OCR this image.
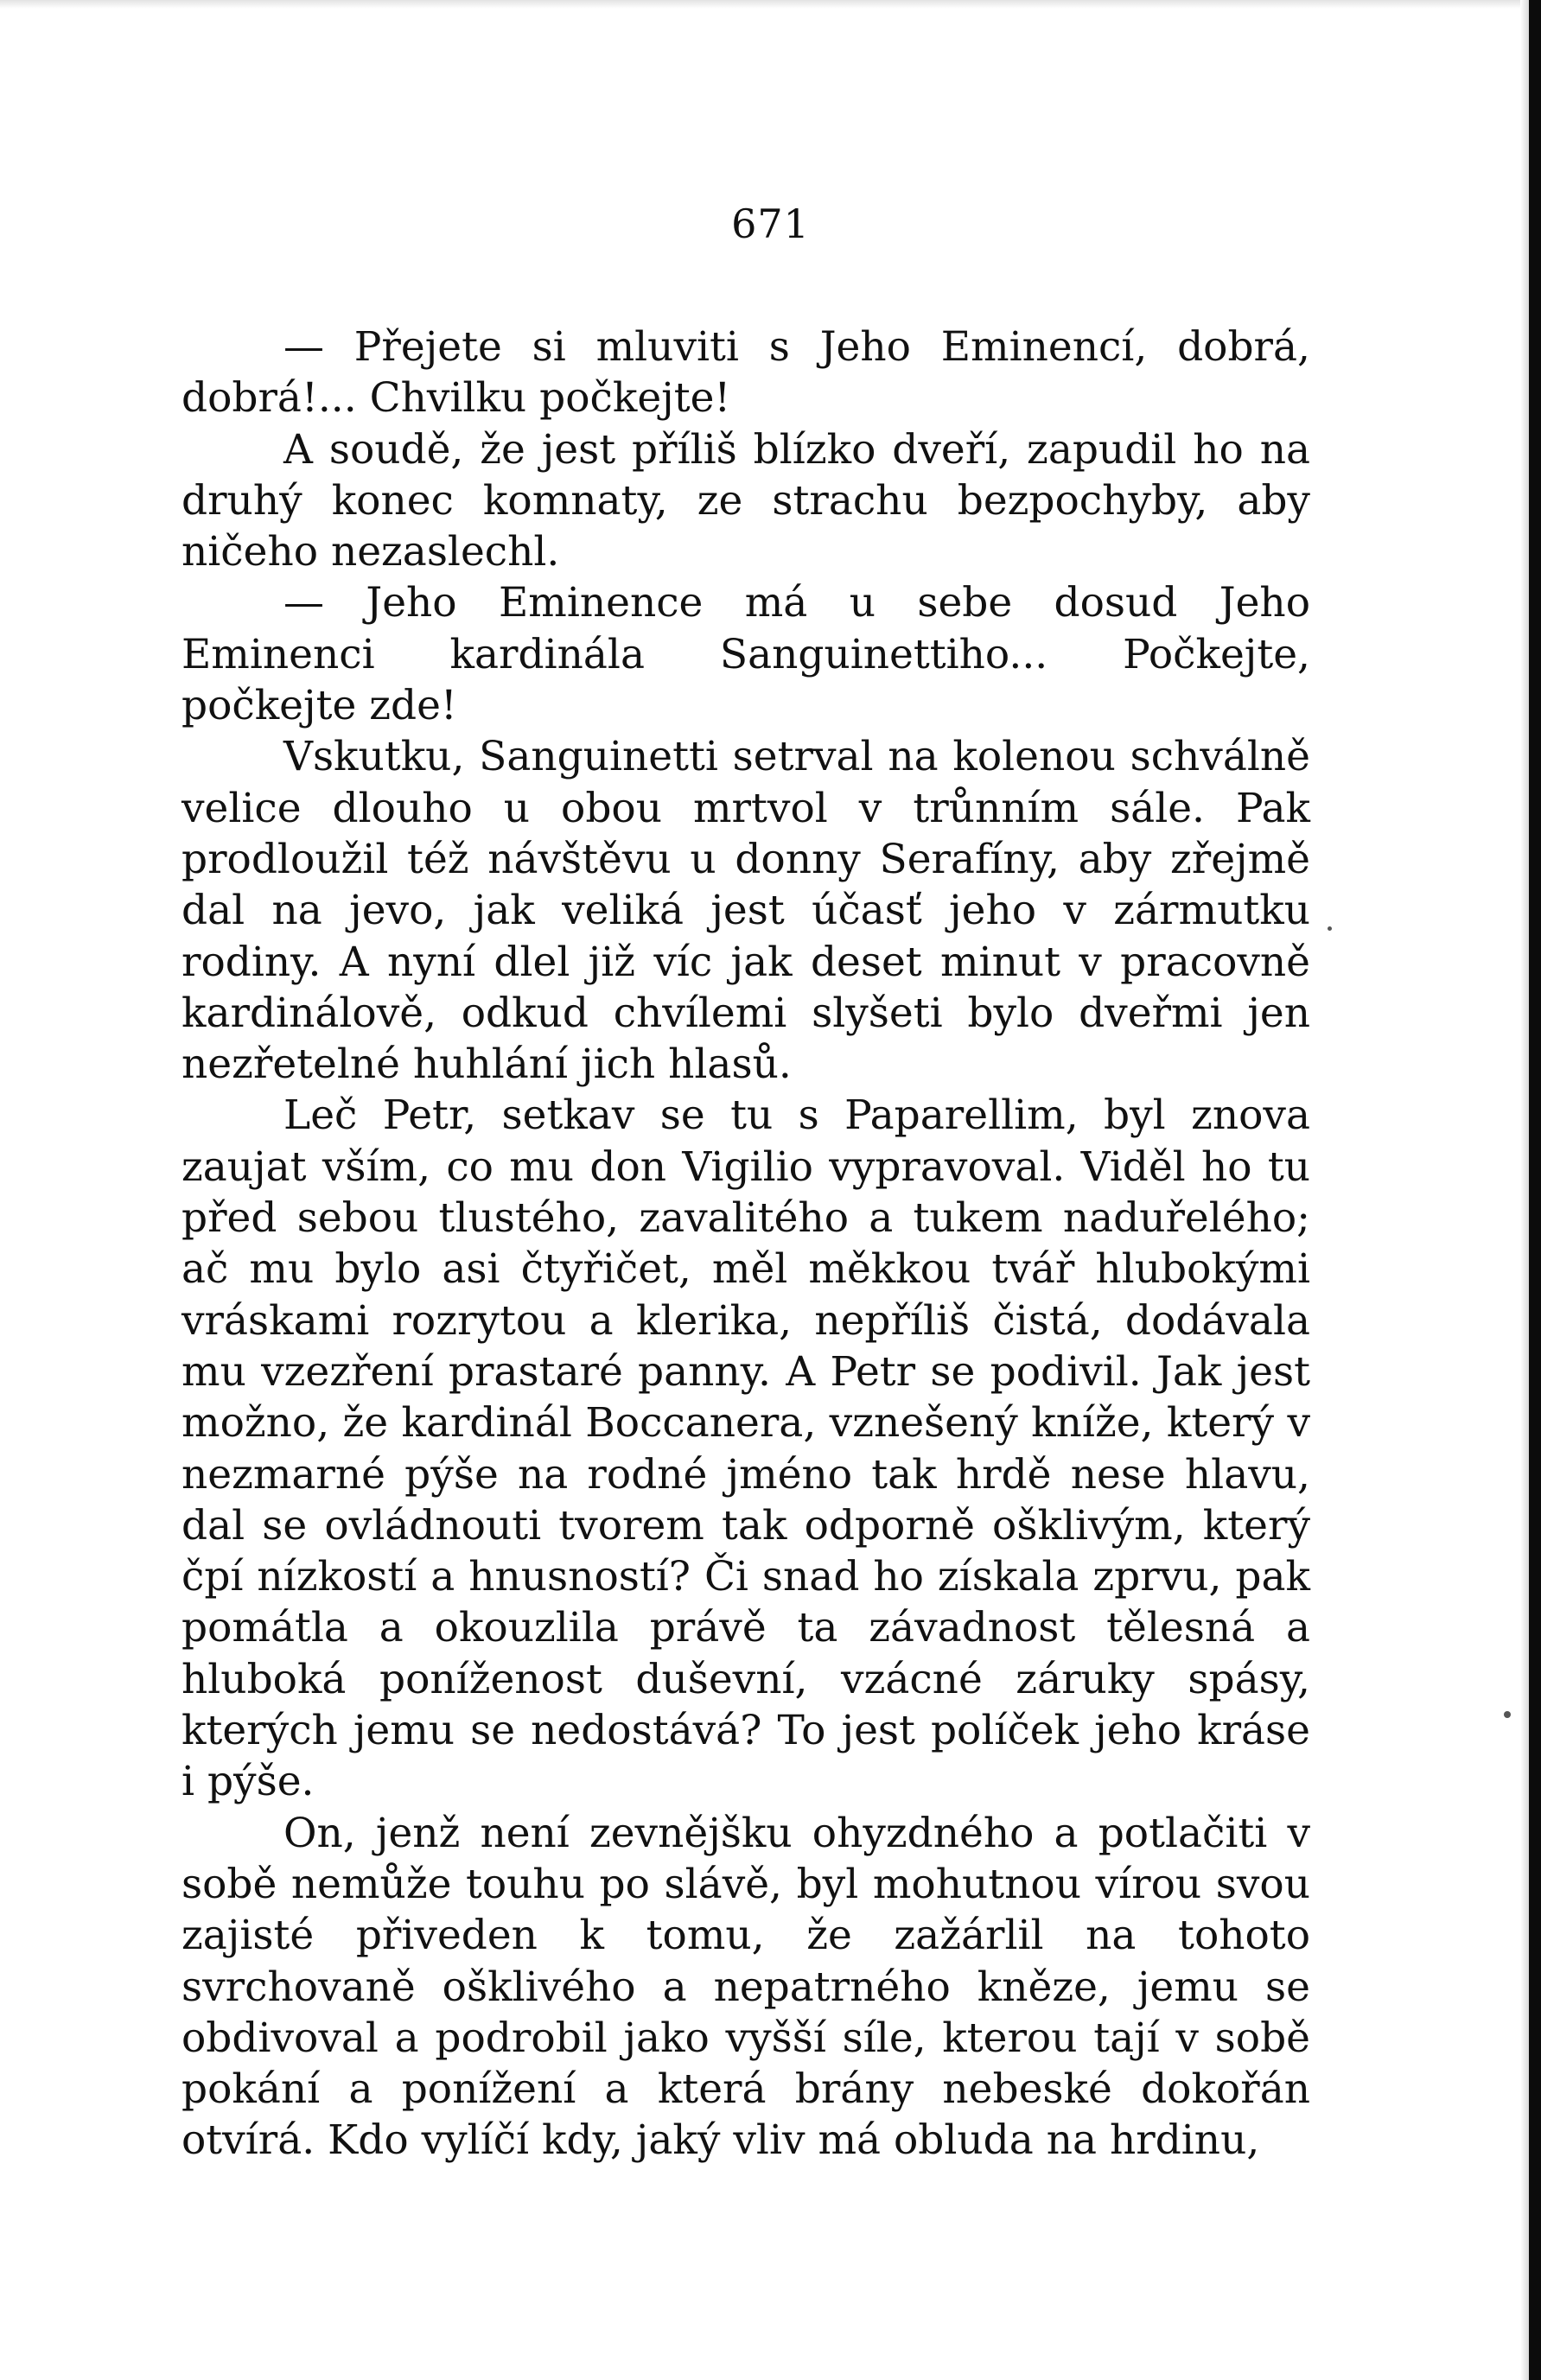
671

— Přejete si mluviti s Jeho Eminencí, dobrá, dobrá!... Chvilku počkejte!

A soudě, že jest příliš blízko dveří, zapudil ho na druhý konec komnaty, ze strachu bezpochyby, aby ničeho nezaslechl.

— Jeho Eminence má u sebe dosud Jeho Eminenci kardinála Sanguinettiho... Počkejte, počkejte zde!

Vskutku, Sanguinetti setrval na kolenou schválně velice dlouho u obou mrtvol v trůnním sále. Pak prodloužil též návštěvu u donny Serafíny, aby zřejmě dal na jevo, jak veliká jest účasť jeho v zármutku rodiny. A nyní dlel již víc jak deset minut v pracovně kardinálově, odkud chvílemi slyšeti bylo dveřmi jen nezřetelné huhlání jich hlasů.

Leč Petr, setkav se tu s Paparellim, byl znova zaujat vším, co mu don Vigilio vypravoval. Viděl ho tu před sebou tlustého, zavalitého a tukem naduřelého; ač mu bylo asi čtyřičet, měl měkkou tvář hlubokými vráskami rozrytou a klerika, nepříliš čistá, dodávala mu vzezření prastaré panny. A Petr se podivil. Jak jest možno, že kardinál Boccanera, vznešený kníže, který v nezmarné pýše na rodné jméno tak hrdě nese hlavu, dal se ovládnouti tvorem tak odporně ošklivým, který čpí nízkostí a hnusností? Či snad ho získala zprvu, pak pomátla a okouzlila právě ta závadnost tělesná a hluboká poníženost duševní, vzácné záruky spásy, kterých jemu se nedostává? To jest políček jeho kráse i pýše.

On, jenž není zevnějšku ohyzdného a potlačiti v sobě nemůže touhu po slávě, byl mohutnou vírou svou zajisté přiveden k tomu, že zažárlil na tohoto svrchovaně ošklivého a nepatrného kněze, jemu se obdivoval a podrobil jako vyšší síle, kterou tají v sobě pokání a ponížení a která brány nebeské dokořán otvírá. Kdo vylíčí kdy, jaký vliv má obluda na hrdinu,
